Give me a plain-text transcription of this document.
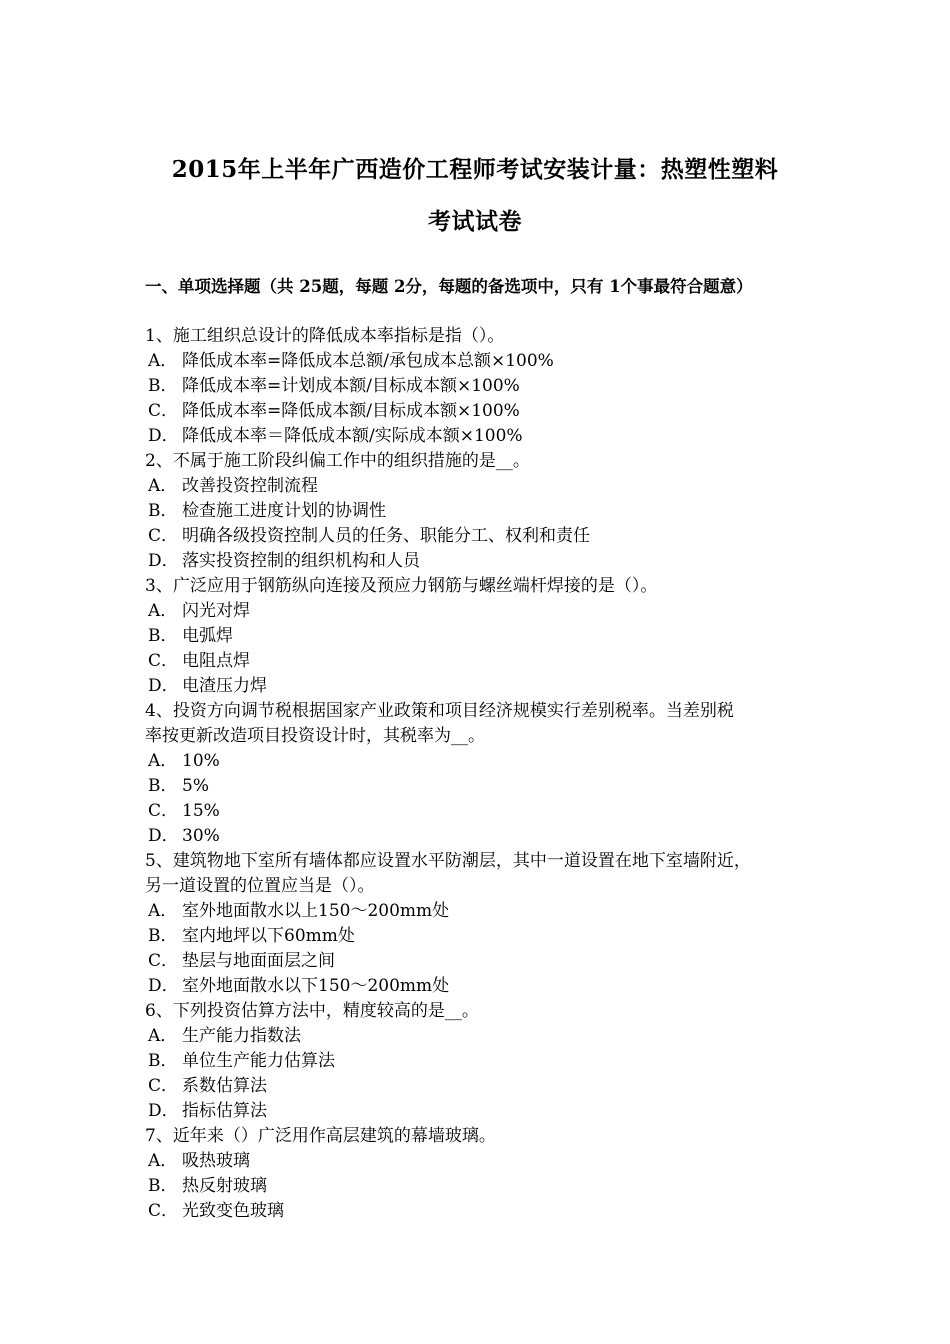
2015年上半年广西造价工程师考试安装计量：热塑性塑料
考试试卷
一、单项选择题（共 25题，每题 2分，每题的备选项中，只有 1个事最符合题意）
1、施工组织总设计的降低成本率指标是指（）。
A． 降低成本率=降低成本总额/承包成本总额×100%
B． 降低成本率=计划成本额/目标成本额×100%
C． 降低成本率=降低成本额/目标成本额×100%
D． 降低成本率＝降低成本额/实际成本额×100%
2、不属于施工阶段纠偏工作中的组织措施的是__。
A． 改善投资控制流程
B． 检查施工进度计划的协调性
C． 明确各级投资控制人员的任务、职能分工、权利和责任
D． 落实投资控制的组织机构和人员
3、广泛应用于钢筋纵向连接及预应力钢筋与螺丝端杆焊接的是（）。
A． 闪光对焊
B． 电弧焊
C． 电阻点焊
D． 电渣压力焊
4、投资方向调节税根据国家产业政策和项目经济规模实行差别税率。当差别税
率按更新改造项目投资设计时，其税率为__。
A． 10%
B． 5%
C． 15%
D． 30%
5、建筑物地下室所有墙体都应设置水平防潮层，其中一道设置在地下室墙附近，
另一道设置的位置应当是（）。
A． 室外地面散水以上150～200mm处
B． 室内地坪以下60mm处
C． 垫层与地面面层之间
D． 室外地面散水以下150～200mm处
6、下列投资估算方法中，精度较高的是__。
A． 生产能力指数法
B． 单位生产能力估算法
C． 系数估算法
D． 指标估算法
7、近年来（）广泛用作高层建筑的幕墙玻璃。
A． 吸热玻璃
B． 热反射玻璃
C． 光致变色玻璃
